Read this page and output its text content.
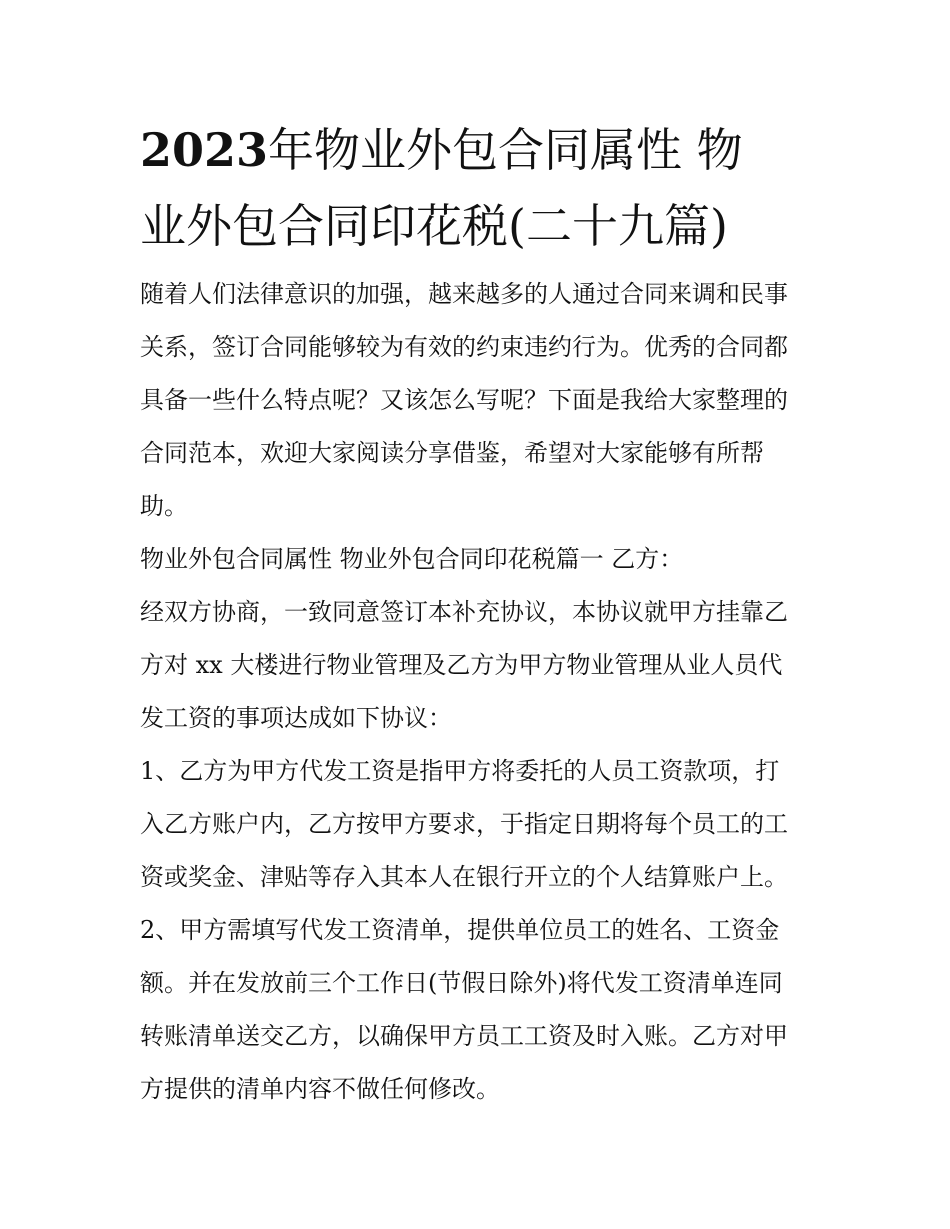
2023年物业外包合同属性 物
业外包合同印花税(二十九篇)

随着人们法律意识的加强，越来越多的人通过合同来调和民事
关系，签订合同能够较为有效的约束违约行为。优秀的合同都
具备一些什么特点呢？又该怎么写呢？下面是我给大家整理的
合同范本，欢迎大家阅读分享借鉴，希望对大家能够有所帮
助。

物业外包合同属性 物业外包合同印花税篇一 乙方：

经双方协商，一致同意签订本补充协议，本协议就甲方挂靠乙
方对 xx 大楼进行物业管理及乙方为甲方物业管理从业人员代
发工资的事项达成如下协议：

1、乙方为甲方代发工资是指甲方将委托的人员工资款项，打
入乙方账户内，乙方按甲方要求，于指定日期将每个员工的工
资或奖金、津贴等存入其本人在银行开立的个人结算账户上。

2、甲方需填写代发工资清单，提供单位员工的姓名、工资金
额。并在发放前三个工作日(节假日除外)将代发工资清单连同
转账清单送交乙方，以确保甲方员工工资及时入账。乙方对甲
方提供的清单内容不做任何修改。
